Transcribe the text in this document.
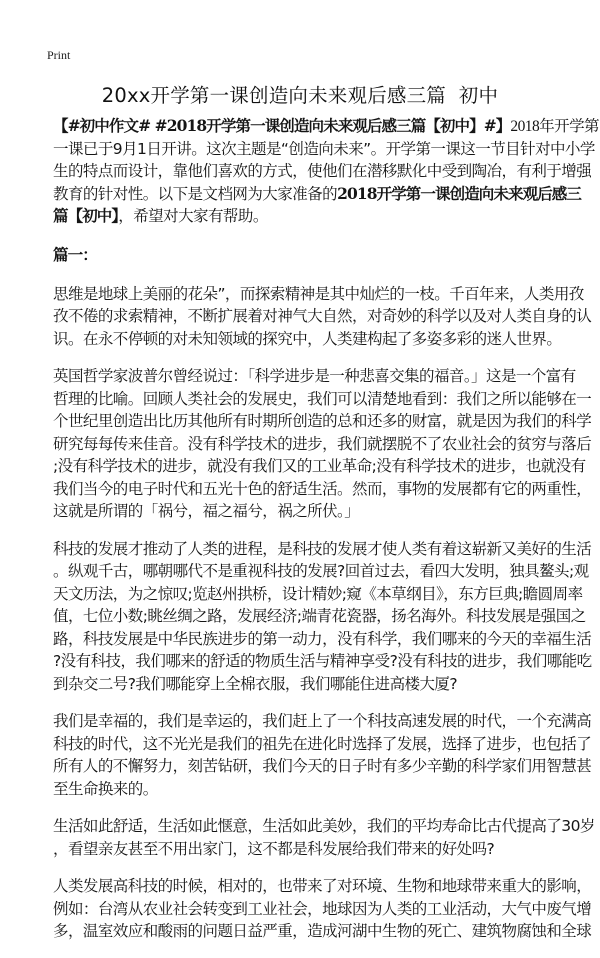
Print
20xx开学第一课创造向未来观后感三篇  初中
【#初中作文# #2018开学第一课创造向未来观后感三篇【初中】#】2018年开学第
一课已于9月1日开讲。这次主题是“创造向未来”。开学第一课这一节目针对中小学
生的特点而设计，靠他们喜欢的方式，使他们在潜移默化中受到陶冶，有利于增强
教育的针对性。以下是文档网为大家准备的2018开学第一课创造向未来观后感三
篇【初中】，希望对大家有帮助。
篇一：
思维是地球上美丽的花朵”，而探索精神是其中灿烂的一枝。千百年来，人类用孜
孜不倦的求索精神，不断扩展着对神气大自然，对奇妙的科学以及对人类自身的认
识。在永不停顿的对未知领域的探究中，人类建构起了多姿多彩的迷人世界。
英国哲学家波普尔曾经说过：「科学进步是一种悲喜交集的福音。」这是一个富有
哲理的比喻。回顾人类社会的发展史，我们可以清楚地看到：我们之所以能够在一
个世纪里创造出比历其他所有时期所创造的总和还多的财富，就是因为我们的科学
研究每每传来佳音。没有科学技术的进步，我们就摆脱不了农业社会的贫穷与落后
;没有科学技术的进步，就没有我们又的工业革命;没有科学技术的进步，也就没有
我们当今的电子时代和五光十色的舒适生活。然而，事物的发展都有它的两重性，
这就是所谓的「祸兮，福之福兮，祸之所伏。」
科技的发展才推动了人类的进程，是科技的发展才使人类有着这崭新又美好的生活
。纵观千古，哪朝哪代不是重视科技的发展?回首过去，看四大发明，独具鳌头;观
天文历法，为之惊叹;览赵州拱桥，设计精妙;窥《本草纲目》，东方巨典;瞻圆周率
值，七位小数;眺丝绸之路，发展经济;端青花瓷器，扬名海外。科技发展是强国之
路，科技发展是中华民族进步的第一动力，没有科学，我们哪来的今天的幸福生活
?没有科技，我们哪来的舒适的物质生活与精神享受?没有科技的进步，我们哪能吃
到杂交二号?我们哪能穿上全棉衣服，我们哪能住进高楼大厦?
我们是幸福的，我们是幸运的，我们赶上了一个科技高速发展的时代，一个充满高
科技的时代，这不光光是我们的祖先在进化时选择了发展，选择了进步，也包括了
所有人的不懈努力，刻苦钻研，我们今天的日子时有多少辛勤的科学家们用智慧甚
至生命换来的。
生活如此舒适，生活如此惬意，生活如此美妙，我们的平均寿命比古代提高了30岁
，看望亲友甚至不用出家门，这不都是科发展给我们带来的好处吗?
人类发展高科技的时候，相对的，也带来了对环境、生物和地球带来重大的影响，
例如：台湾从农业社会转变到工业社会，地球因为人类的工业活动，大气中废气增
多，温室效应和酸雨的问题日益严重，造成河湖中生物的死亡、建筑物腐蚀和全球
